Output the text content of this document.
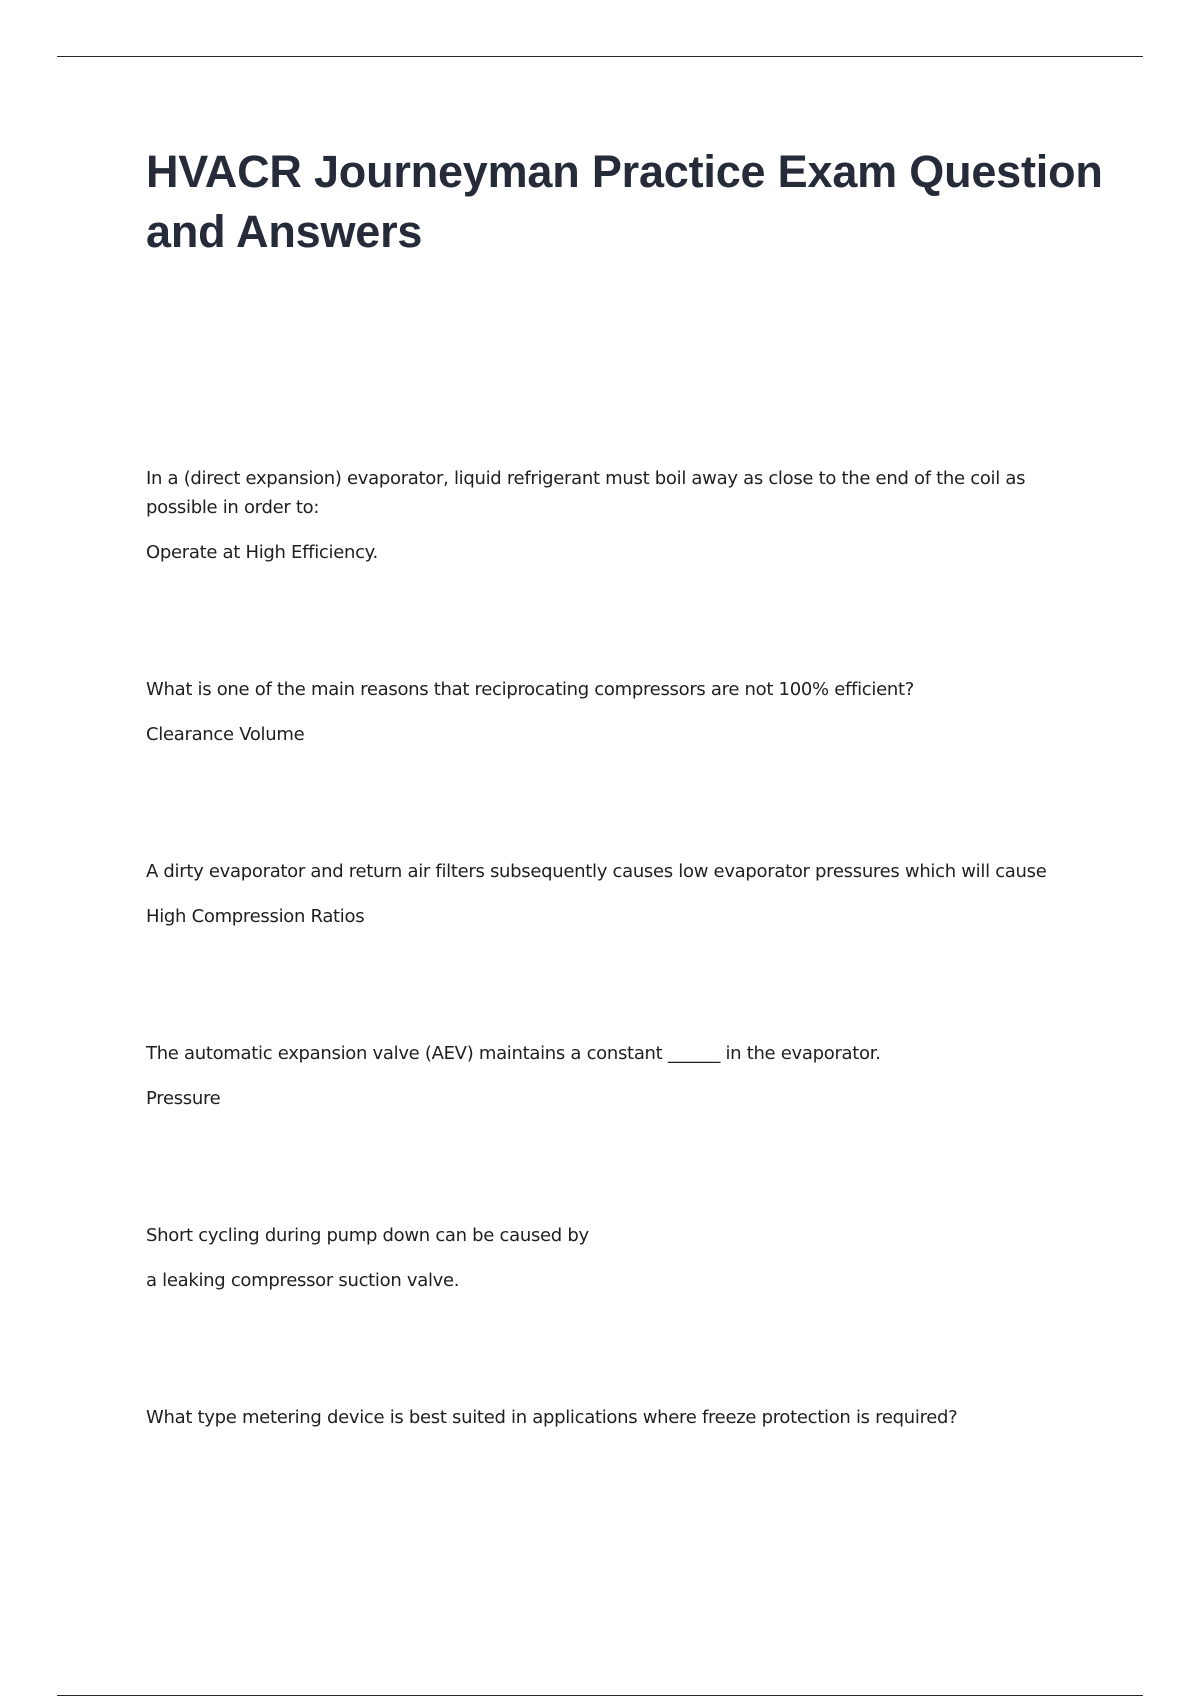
HVACR Journeyman Practice Exam Question and Answers

In a (direct expansion) evaporator, liquid refrigerant must boil away as close to the end of the coil as possible in order to:

Operate at High Efficiency.

What is one of the main reasons that reciprocating compressors are not 100% efficient?

Clearance Volume

A dirty evaporator and return air filters subsequently causes low evaporator pressures which will cause

High Compression Ratios

The automatic expansion valve (AEV) maintains a constant ______ in the evaporator.

Pressure

Short cycling during pump down can be caused by

a leaking compressor suction valve.

What type metering device is best suited in applications where freeze protection is required?
